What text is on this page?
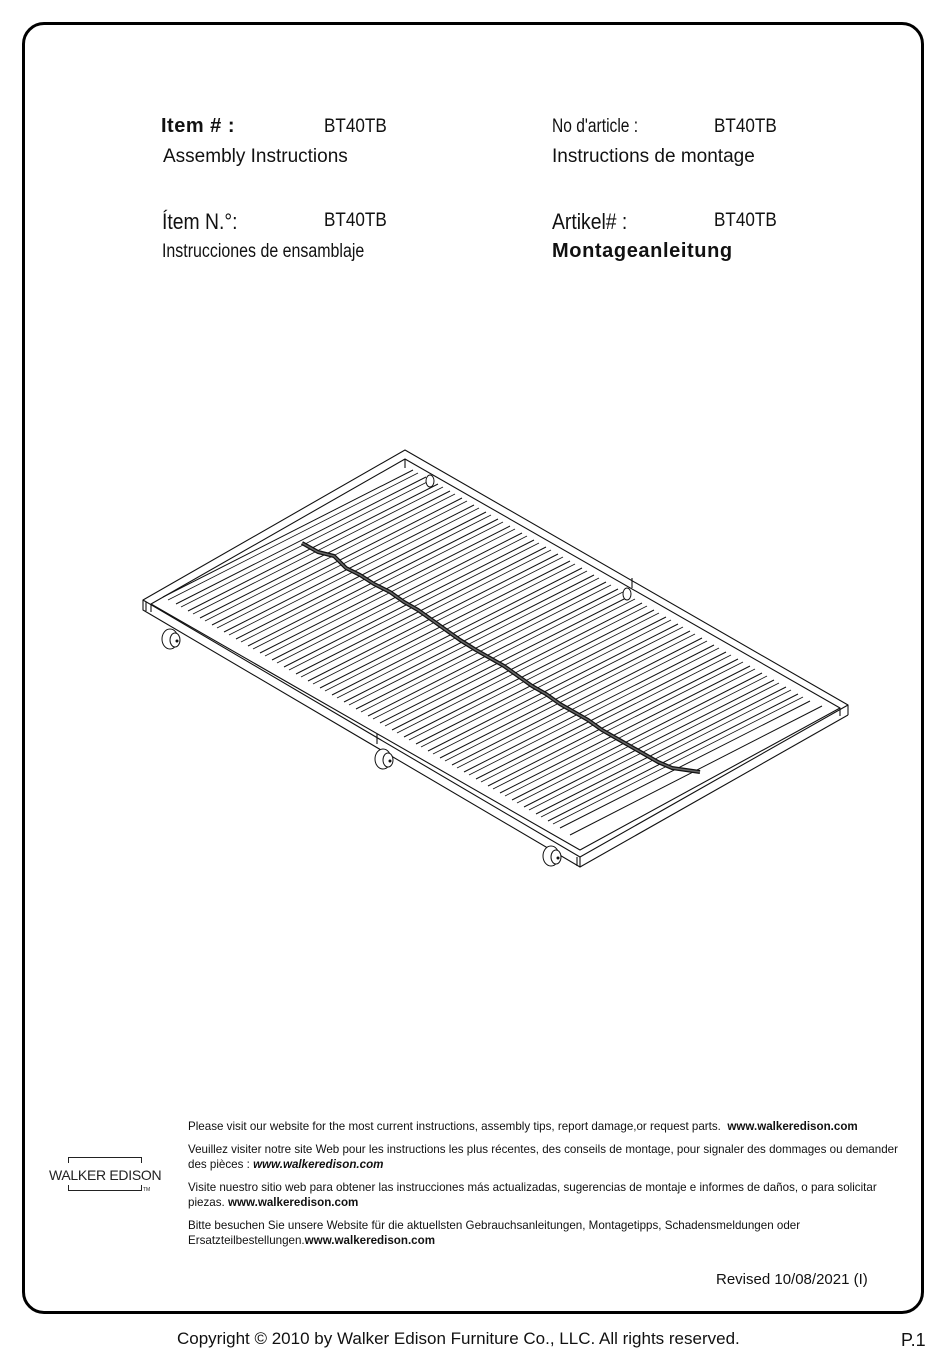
Item # :	BT40TB
Assembly Instructions
No d'article :	BT40TB
Instructions de montage
Ítem N.°:	BT40TB
Instrucciones de ensamblaje
Artikel# :	BT40TB
Montageanleitung
WALKER EDISON
TM

Please visit our website for the most current instructions, assembly tips, report damage,or request parts. www.walkeredison.com

Veuillez visiter notre site Web pour les instructions les plus récentes, des conseils de montage, pour signaler des dommages ou demander des pièces : www.walkeredison.com

Visite nuestro sitio web para obtener las instrucciones más actualizadas, sugerencias de montaje e informes de daños, o para solicitar piezas. www.walkeredison.com

Bitte besuchen Sie unsere Website für die aktuellsten Gebrauchsanleitungen, Montagetipps, Schadensmeldungen oder Ersatzteilbestellungen.www.walkeredison.com

Revised 10/08/2021 (I)
Copyright © 2010 by Walker Edison Furniture Co., LLC. All rights reserved.	P.1
